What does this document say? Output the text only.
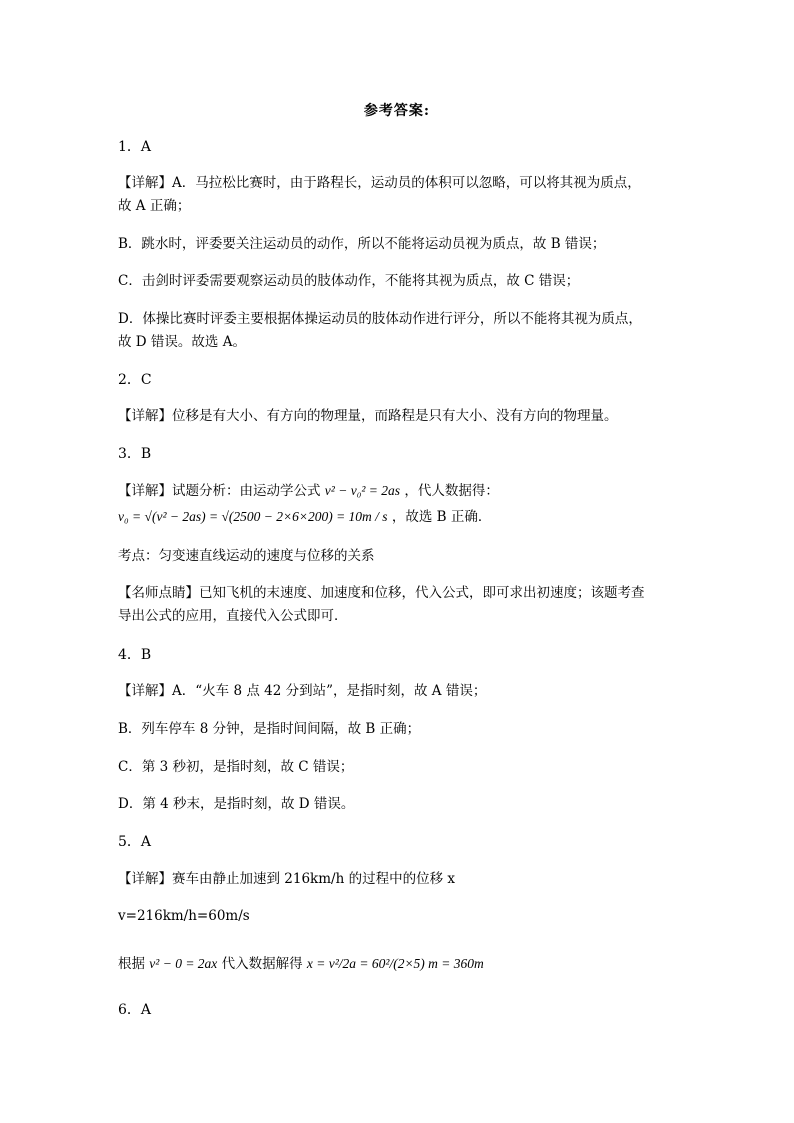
参考答案:
1．A
【详解】A．马拉松比赛时，由于路程长，运动员的体积可以忽略，可以将其视为质点，
故 A 正确；
B．跳水时，评委要关注运动员的动作，所以不能将运动员视为质点，故 B 错误；
C．击剑时评委需要观察运动员的肢体动作，不能将其视为质点，故 C 错误；
D．体操比赛时评委主要根据体操运动员的肢体动作进行评分，所以不能将其视为质点，
故 D 错误。故选 A。
2．C
【详解】位移是有大小、有方向的物理量，而路程是只有大小、没有方向的物理量。
3．B
【详解】试题分析：由运动学公式 v² − v₀² = 2as ，代人数据得：
v₀ = √(v² − 2as) = √(2500 − 2×6×200) = 10m / s ，故选 B 正确．
考点：匀变速直线运动的速度与位移的关系
【名师点睛】已知飞机的末速度、加速度和位移，代入公式，即可求出初速度；该题考查
导出公式的应用，直接代入公式即可．
4．B
【详解】A．“火车 8 点 42 分到站”，是指时刻，故 A 错误；
B．列车停车 8 分钟，是指时间间隔，故 B 正确；
C．第 3 秒初，是指时刻，故 C 错误；
D．第 4 秒末，是指时刻，故 D 错误。
5．A
【详解】赛车由静止加速到 216km/h 的过程中的位移 x
v=216km/h=60m/s
根据 v² − 0 = 2ax 代入数据解得 x = v²/2a = 60²/(2×5) m = 360m
6．A
